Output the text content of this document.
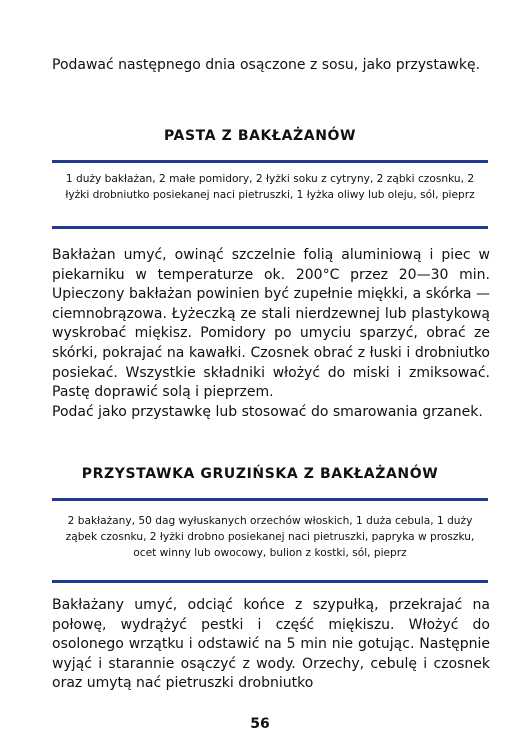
Podawać następnego dnia osączone z sosu, jako przystawkę.

PASTA Z BAKŁAŻANÓW

1 duży bakłażan, 2 małe pomidory, 2 łyżki soku z cytryny, 2 ząbki czosnku, 2 łyżki drobniutko posiekanej naci pietruszki, 1 łyżka oliwy lub oleju, sól, pieprz

Bakłażan umyć, owinąć szczelnie folią aluminiową i piec w piekarniku w temperaturze ok. 200°C przez 20—30 min. Upieczony bakłażan powinien być zupełnie miękki, a skórka — ciemnobrązowa. Łyżeczką ze stali nierdzewnej lub plastykową wyskrobać miękisz. Pomidory po umyciu sparzyć, obrać ze skórki, pokrajać na kawałki. Czosnek obrać z łuski i drobniutko posiekać. Wszystkie składniki włożyć do miski i zmiksować. Pastę doprawić solą i pieprzem.
Podać jako przystawkę lub stosować do smarowania grzanek.
PRZYSTAWKA GRUZIŃSKA Z BAKŁAŻANÓW

2 bakłażany, 50 dag wyłuskanych orzechów włoskich, 1 duża cebula, 1 duży ząbek czosnku, 2 łyżki drobno posiekanej naci pietruszki, papryka w proszku, ocet winny lub owocowy, bulion z kostki, sól, pieprz

Bakłażany umyć, odciąć końce z szypułką, przekrajać na połowę, wydrążyć pestki i część miękiszu. Włożyć do osolonego wrzątku i odstawić na 5 min nie gotując. Następnie wyjąć i starannie osączyć z wody. Orzechy, cebulę i czosnek oraz umytą nać pietruszki drobniutko

56
